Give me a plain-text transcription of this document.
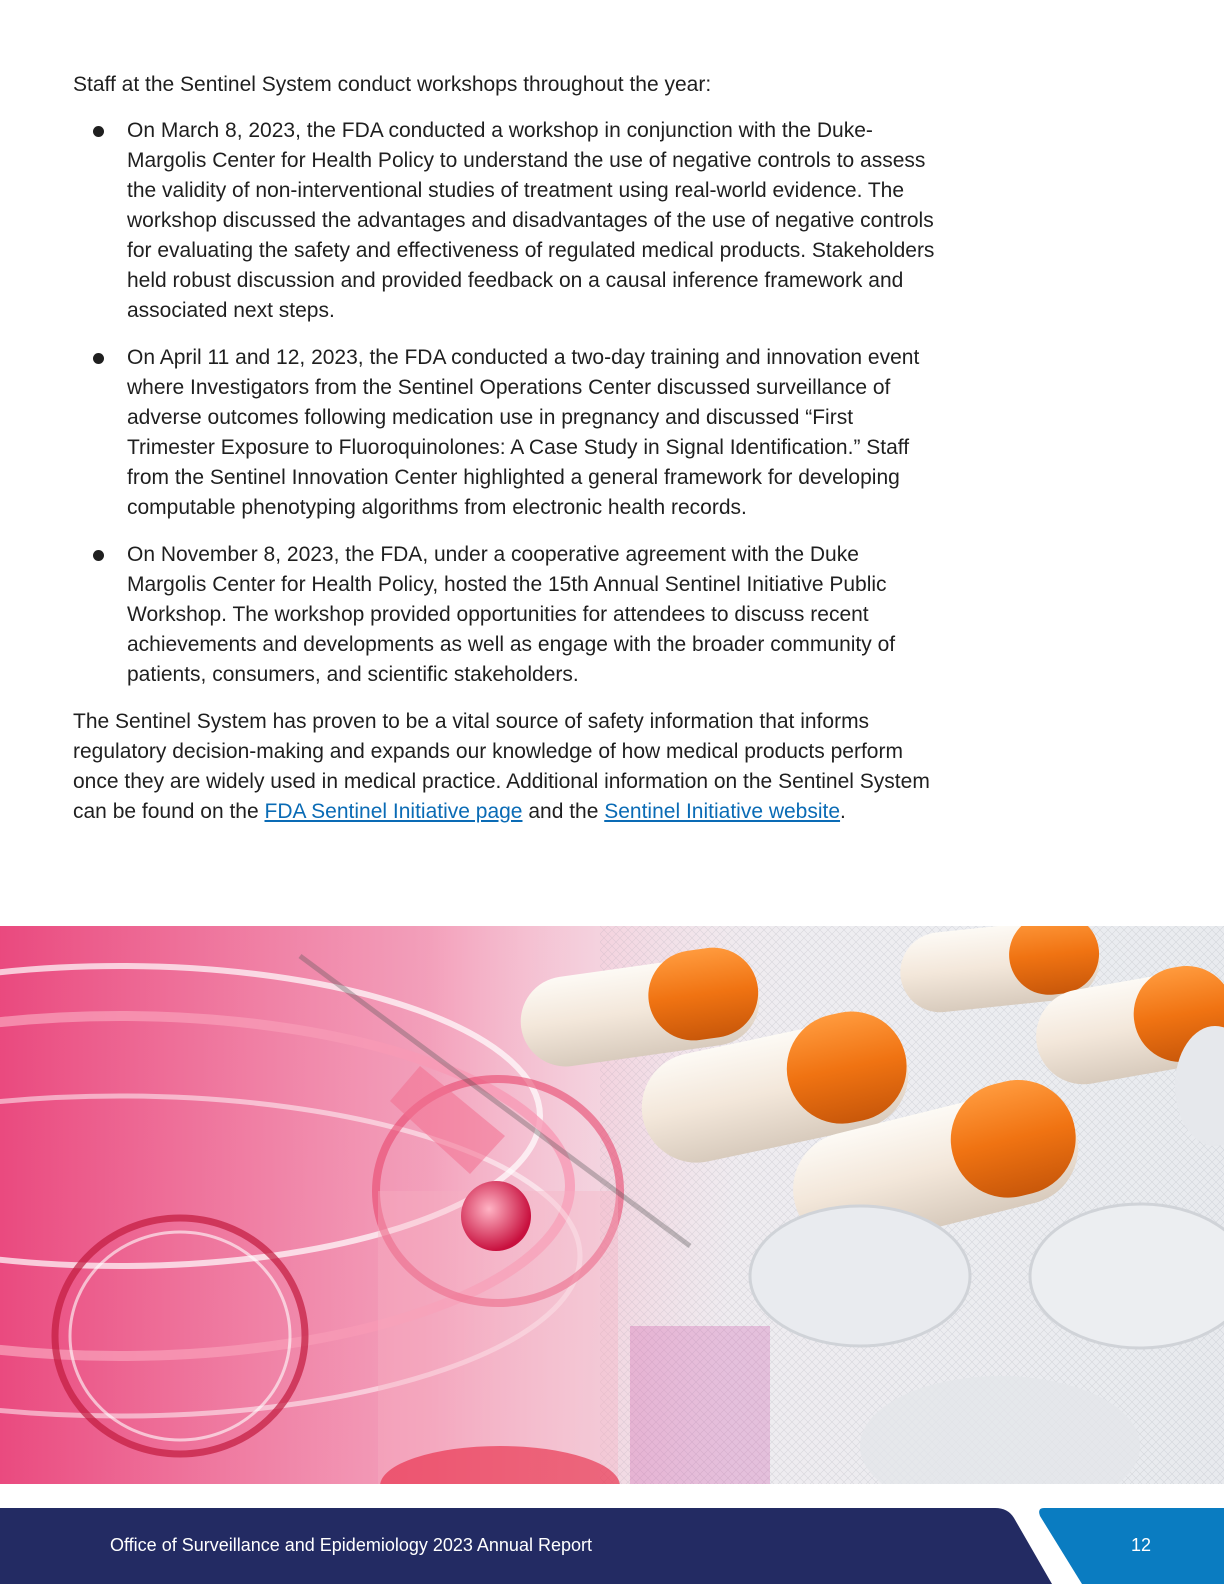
Staff at the Sentinel System conduct workshops throughout the year:

On March 8, 2023, the FDA conducted a workshop in conjunction with the Duke-Margolis Center for Health Policy to understand the use of negative controls to assess the validity of non-interventional studies of treatment using real-world evidence. The workshop discussed the advantages and disadvantages of the use of negative controls for evaluating the safety and effectiveness of regulated medical products. Stakeholders held robust discussion and provided feedback on a causal inference framework and associated next steps.
On April 11 and 12, 2023, the FDA conducted a two-day training and innovation event where Investigators from the Sentinel Operations Center discussed surveillance of adverse outcomes following medication use in pregnancy and discussed “First Trimester Exposure to Fluoroquinolones: A Case Study in Signal Identification.” Staff from the Sentinel Innovation Center highlighted a general framework for developing computable phenotyping algorithms from electronic health records.
On November 8, 2023, the FDA, under a cooperative agreement with the Duke Margolis Center for Health Policy, hosted the 15th Annual Sentinel Initiative Public Workshop. The workshop provided opportunities for attendees to discuss recent achievements and developments as well as engage with the broader community of patients, consumers, and scientific stakeholders.

The Sentinel System has proven to be a vital source of safety information that informs regulatory decision-making and expands our knowledge of how medical products perform once they are widely used in medical practice. Additional information on the Sentinel System can be found on the FDA Sentinel Initiative page and the Sentinel Initiative website.

Office of Surveillance and Epidemiology 2023 Annual Report	12
